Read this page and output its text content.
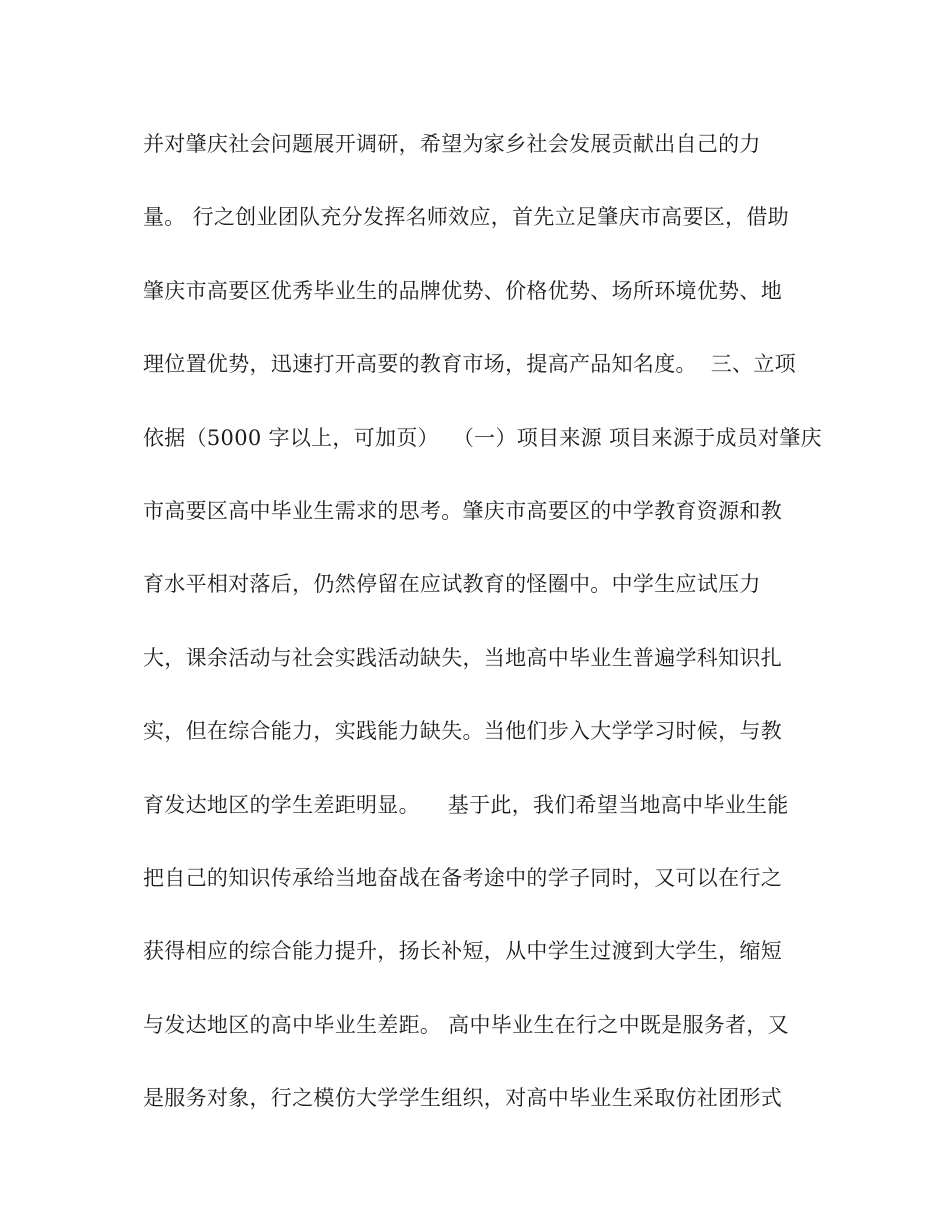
并对肇庆社会问题展开调研，希望为家乡社会发展贡献出自己的力
量。 行之创业团队充分发挥名师效应，首先立足肇庆市高要区，借助
肇庆市高要区优秀毕业生的品牌优势、价格优势、场所环境优势、地
理位置优势，迅速打开高要的教育市场，提高产品知名度。  三、立项
依据（5000 字以上，可加页）  （一）项目来源 项目来源于成员对肇庆
市高要区高中毕业生需求的思考。肇庆市高要区的中学教育资源和教
育水平相对落后，仍然停留在应试教育的怪圈中。中学生应试压力
大，课余活动与社会实践活动缺失，当地高中毕业生普遍学科知识扎
实，但在综合能力，实践能力缺失。当他们步入大学学习时候，与教
育发达地区的学生差距明显。    基于此，我们希望当地高中毕业生能
把自己的知识传承给当地奋战在备考途中的学子同时，又可以在行之
获得相应的综合能力提升，扬长补短，从中学生过渡到大学生，缩短
与发达地区的高中毕业生差距。 高中毕业生在行之中既是服务者，又
是服务对象，行之模仿大学学生组织，对高中毕业生采取仿社团形式
